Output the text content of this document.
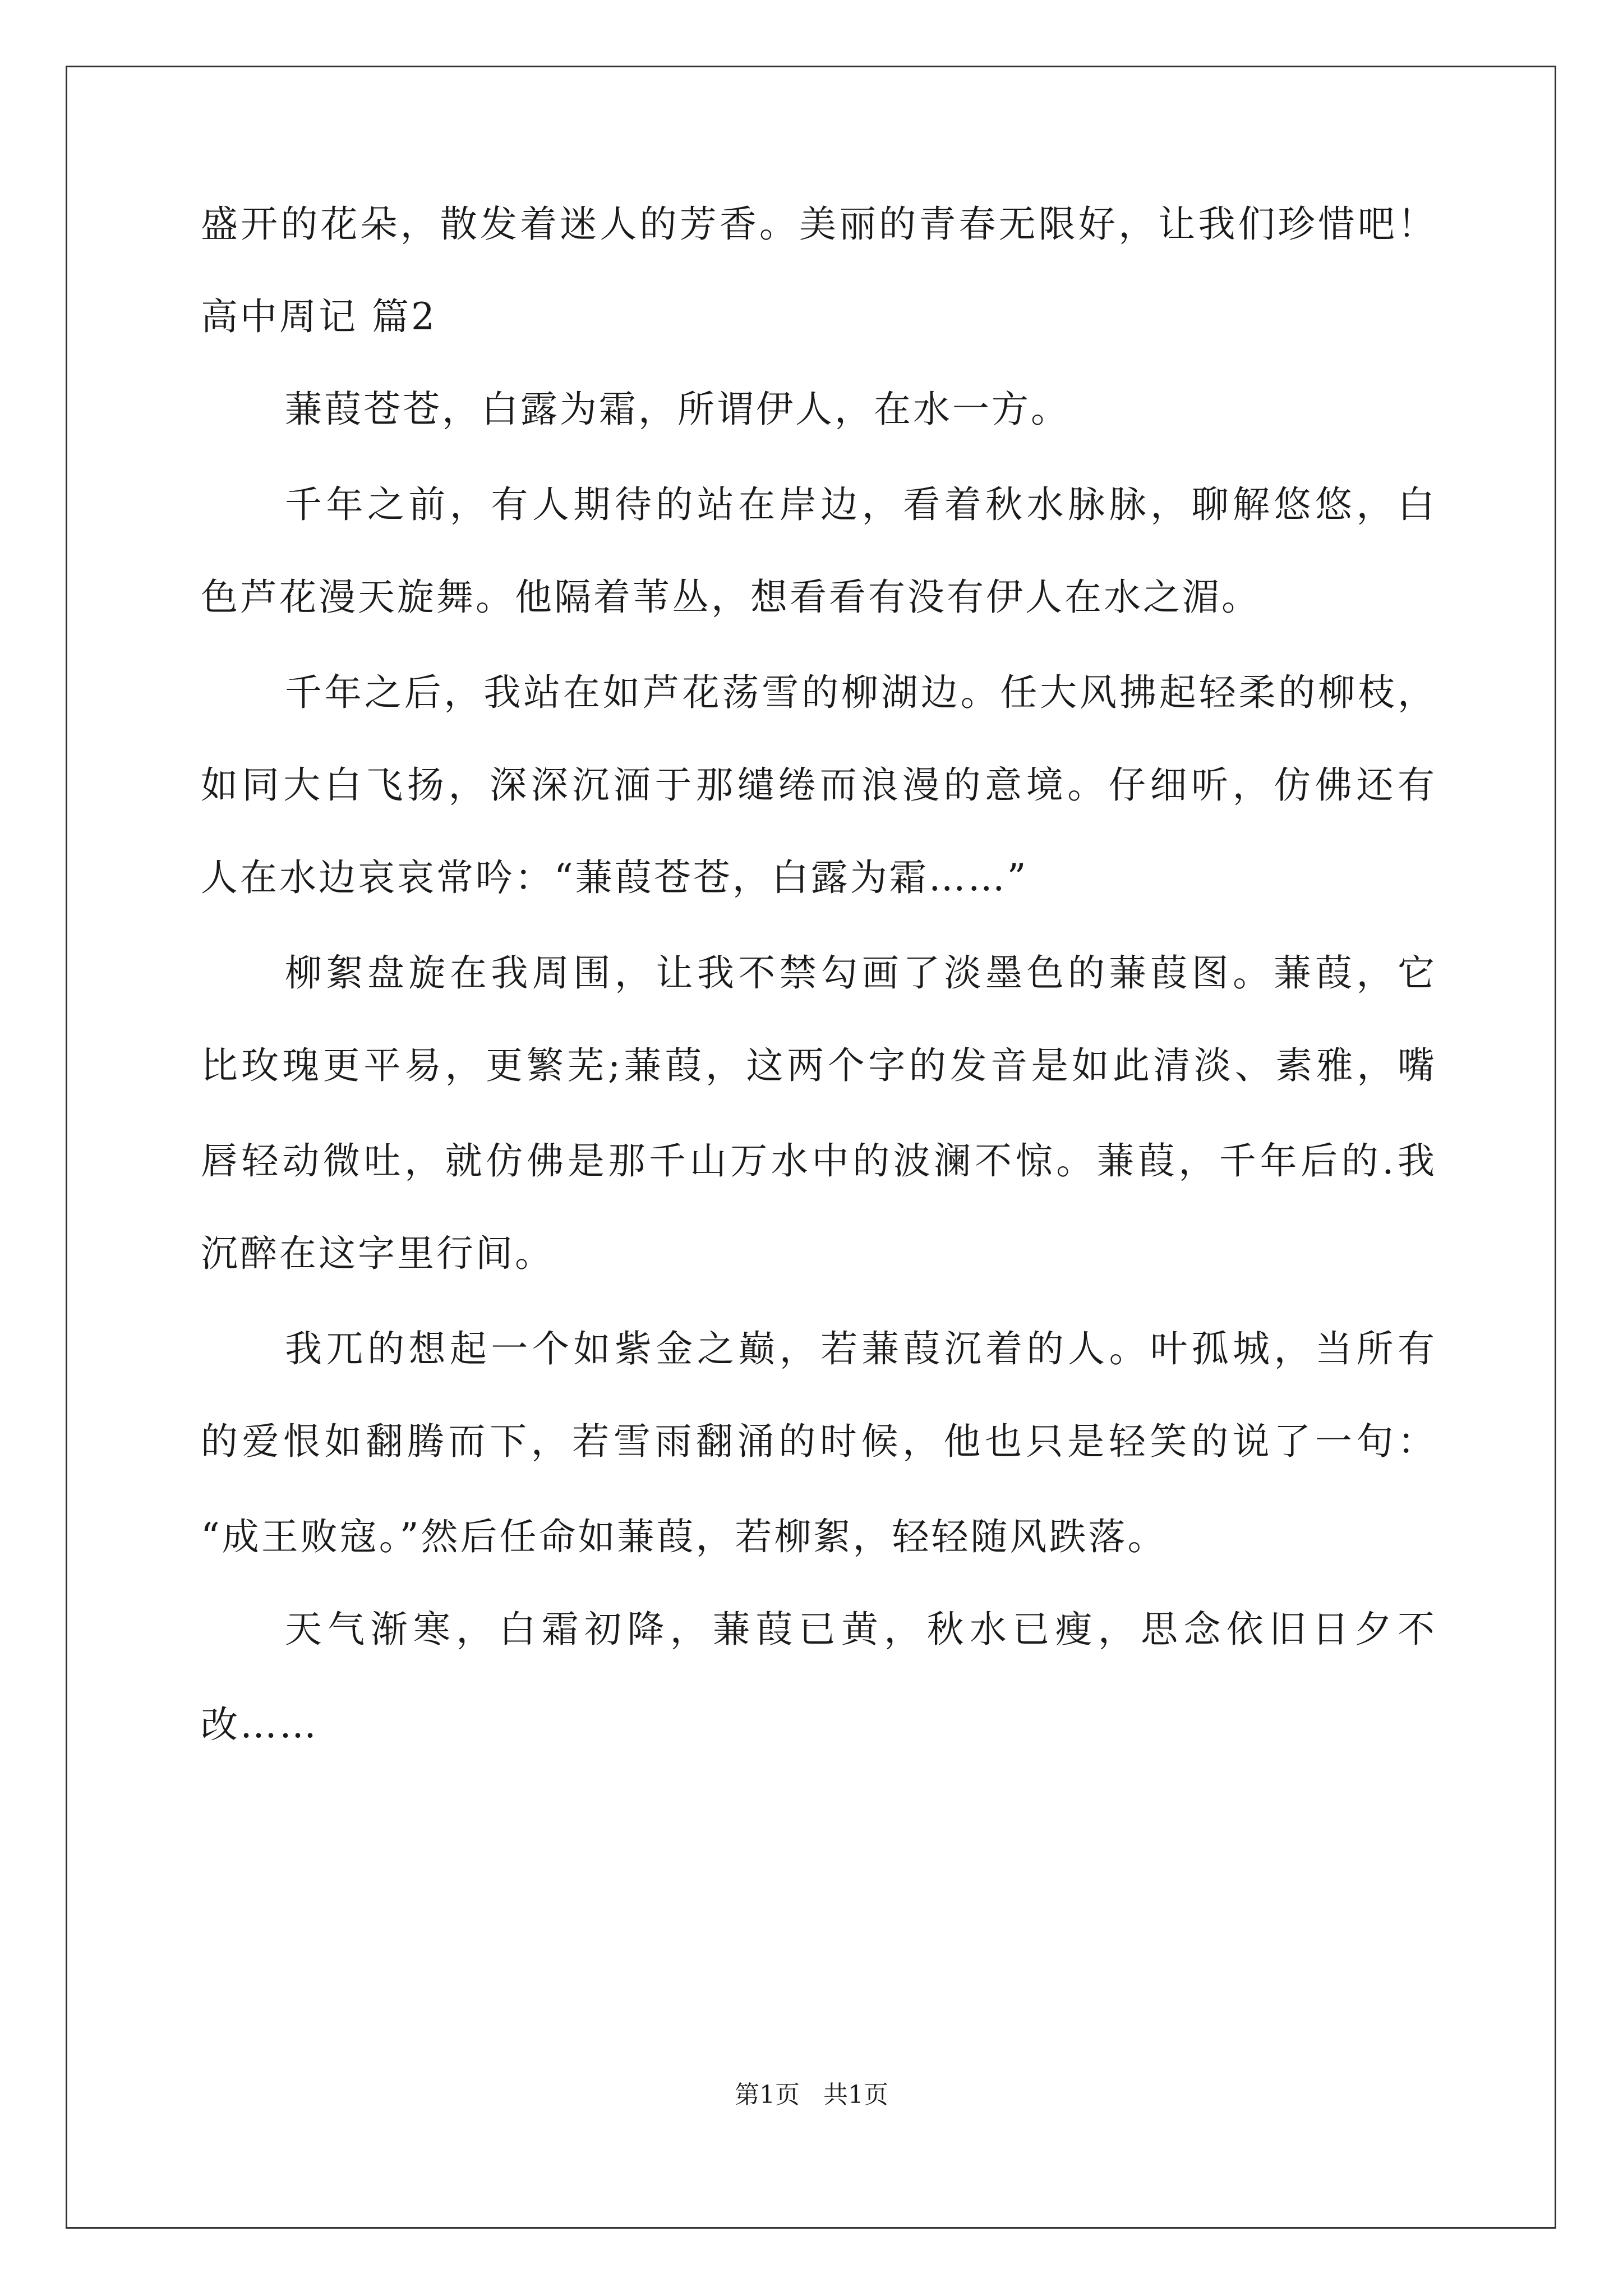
盛开的花朵，散发着迷人的芳香。美丽的青春无限好，让我们珍惜吧！
高中周记 篇2
蒹葭苍苍，白露为霜，所谓伊人，在水一方。
千年之前，有人期待的站在岸边，看着秋水脉脉，聊解悠悠，白
色芦花漫天旋舞。他隔着苇丛，想看看有没有伊人在水之湄。
千年之后，我站在如芦花荡雪的柳湖边。任大风拂起轻柔的柳枝，
如同大白飞扬，深深沉湎于那缱绻而浪漫的意境。仔细听，仿佛还有
人在水边哀哀常吟：“蒹葭苍苍，白露为霜……”
柳絮盘旋在我周围，让我不禁勾画了淡墨色的蒹葭图。蒹葭，它
比玫瑰更平易，更繁芜;蒹葭，这两个字的发音是如此清淡、素雅，嘴
唇轻动微吐，就仿佛是那千山万水中的波澜不惊。蒹葭，千年后的.我
沉醉在这字里行间。
我兀的想起一个如紫金之巅，若蒹葭沉着的人。叶孤城，当所有
的爱恨如翻腾而下，若雪雨翻涌的时候，他也只是轻笑的说了一句：
“成王败寇。”然后任命如蒹葭，若柳絮，轻轻随风跌落。
天气渐寒，白霜初降，蒹葭已黄，秋水已瘦，思念依旧日夕不
改……
第1页   共1页
